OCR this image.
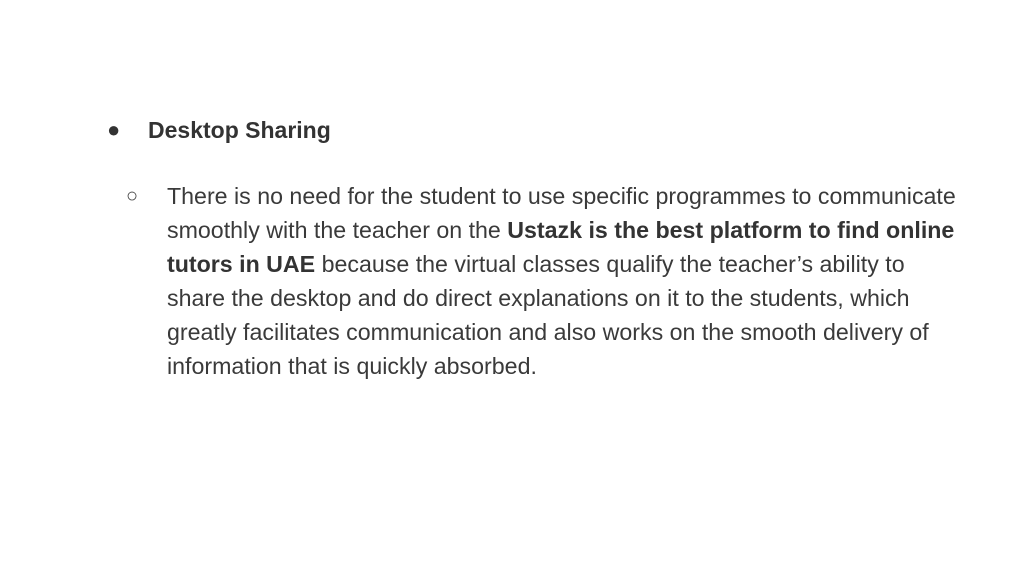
● Desktop Sharing
○ There is no need for the student to use specific programmes to communicate smoothly with the teacher on the Ustazk is the best platform to find online tutors in UAE because the virtual classes qualify the teacher’s ability to share the desktop and do direct explanations on it to the students, which greatly facilitates communication and also works on the smooth delivery of information that is quickly absorbed.
